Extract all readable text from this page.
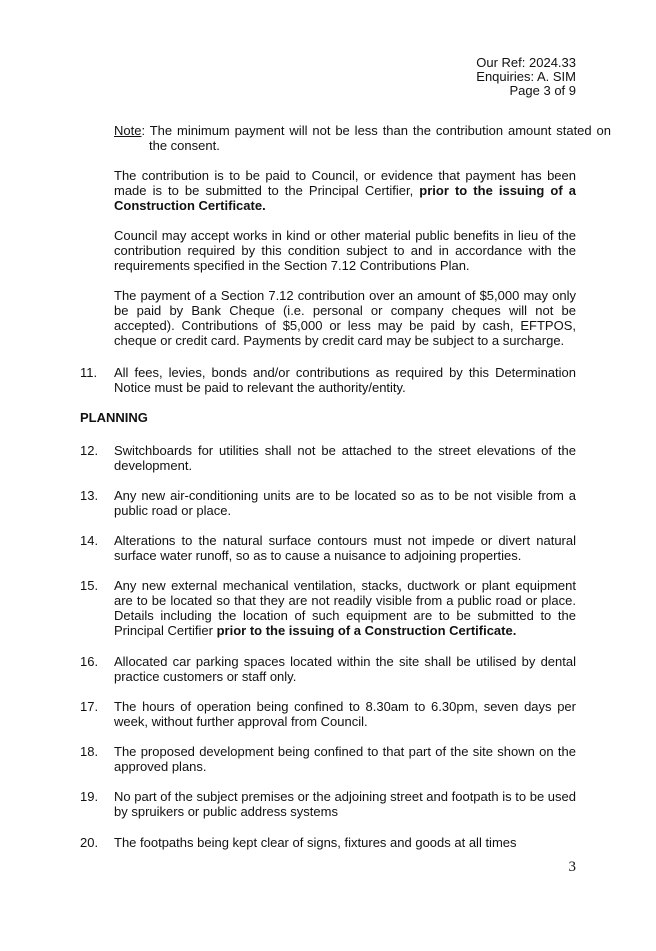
Our Ref: 2024.33
Enquiries: A. SIM
Page 3 of 9

Note: The minimum payment will not be less than the contribution amount stated on the consent.

The contribution is to be paid to Council, or evidence that payment has been made is to be submitted to the Principal Certifier, prior to the issuing of a Construction Certificate.

Council may accept works in kind or other material public benefits in lieu of the contribution required by this condition subject to and in accordance with the requirements specified in the Section 7.12 Contributions Plan.

The payment of a Section 7.12 contribution over an amount of $5,000 may only be paid by Bank Cheque (i.e. personal or company cheques will not be accepted). Contributions of $5,000 or less may be paid by cash, EFTPOS, cheque or credit card. Payments by credit card may be subject to a surcharge.

11.	All fees, levies, bonds and/or contributions as required by this Determination Notice must be paid to relevant the authority/entity.
PLANNING
12.	Switchboards for utilities shall not be attached to the street elevations of the development.
13.	Any new air-conditioning units are to be located so as to be not visible from a public road or place.
14.	Alterations to the natural surface contours must not impede or divert natural surface water runoff, so as to cause a nuisance to adjoining properties.
15.	Any new external mechanical ventilation, stacks, ductwork or plant equipment are to be located so that they are not readily visible from a public road or place. Details including the location of such equipment are to be submitted to the Principal Certifier prior to the issuing of a Construction Certificate.
16.	Allocated car parking spaces located within the site shall be utilised by dental practice customers or staff only.
17.	The hours of operation being confined to 8.30am to 6.30pm, seven days per week, without further approval from Council.
18.	The proposed development being confined to that part of the site shown on the approved plans.
19.	No part of the subject premises or the adjoining street and footpath is to be used by spruikers or public address systems
20.	The footpaths being kept clear of signs, fixtures and goods at all times
3
